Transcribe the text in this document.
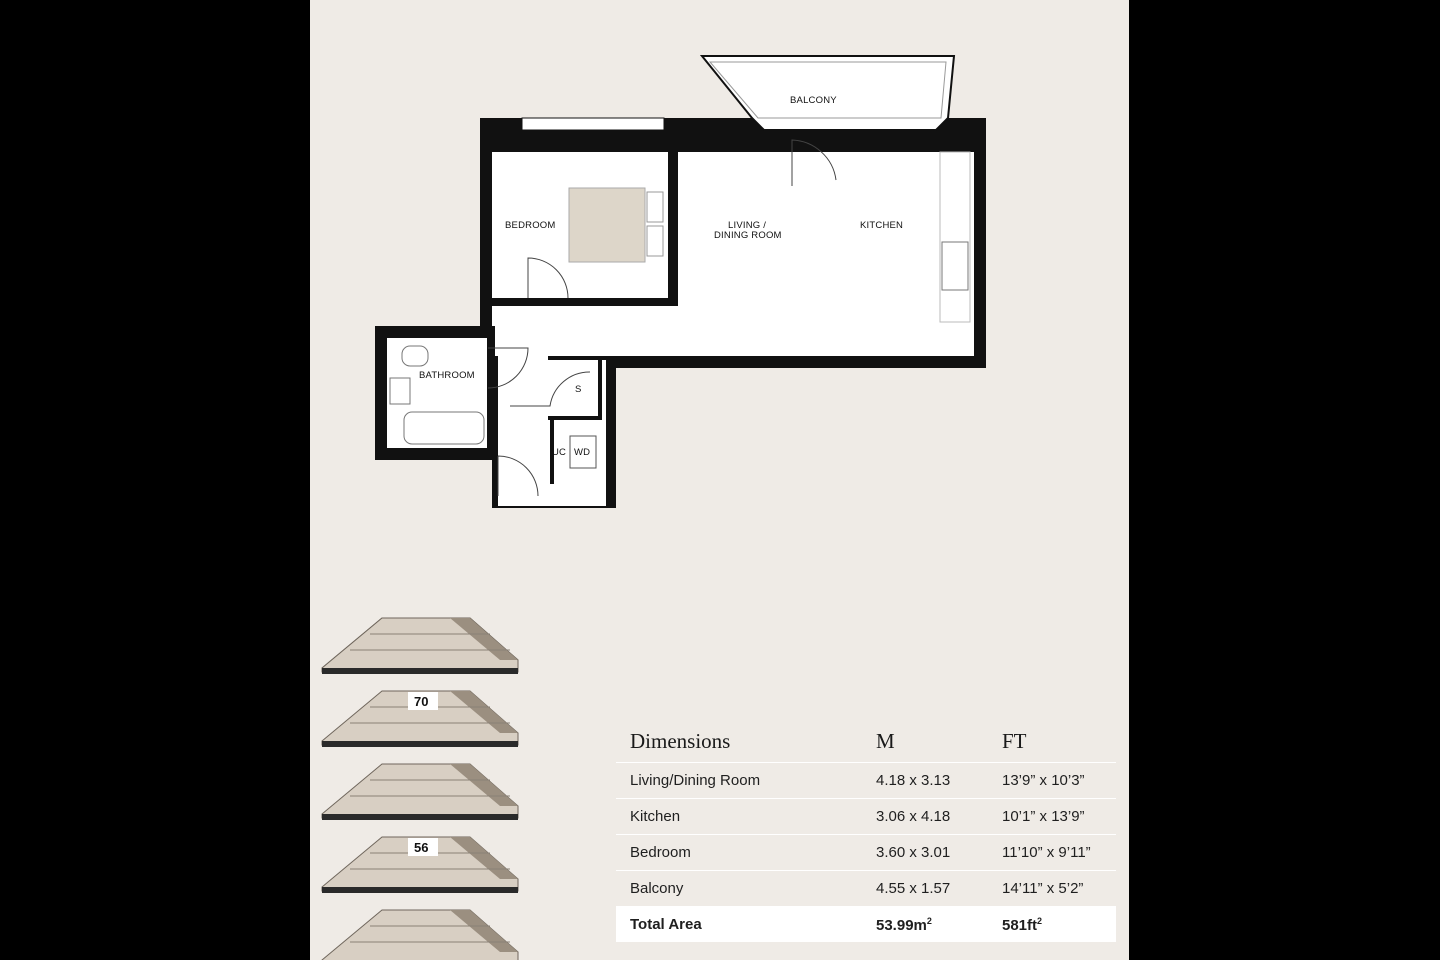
BALCONY
BEDROOM	LIVING /
DINING ROOM
KITCHEN
BATHROOM
S
UC WD
70
56
Dimensions	M	FT
Living/Dining Room	4.18 x 3.13	13’9” x 10’3”
Kitchen	3.06 x 4.18	10’1” x 13’9”
Bedroom	3.60 x 3.01	11’10” x 9’11”
Balcony	4.55 x 1.57	14’11” x 5’2”
Total Area	$53.99m^2$	$581ft^2$
